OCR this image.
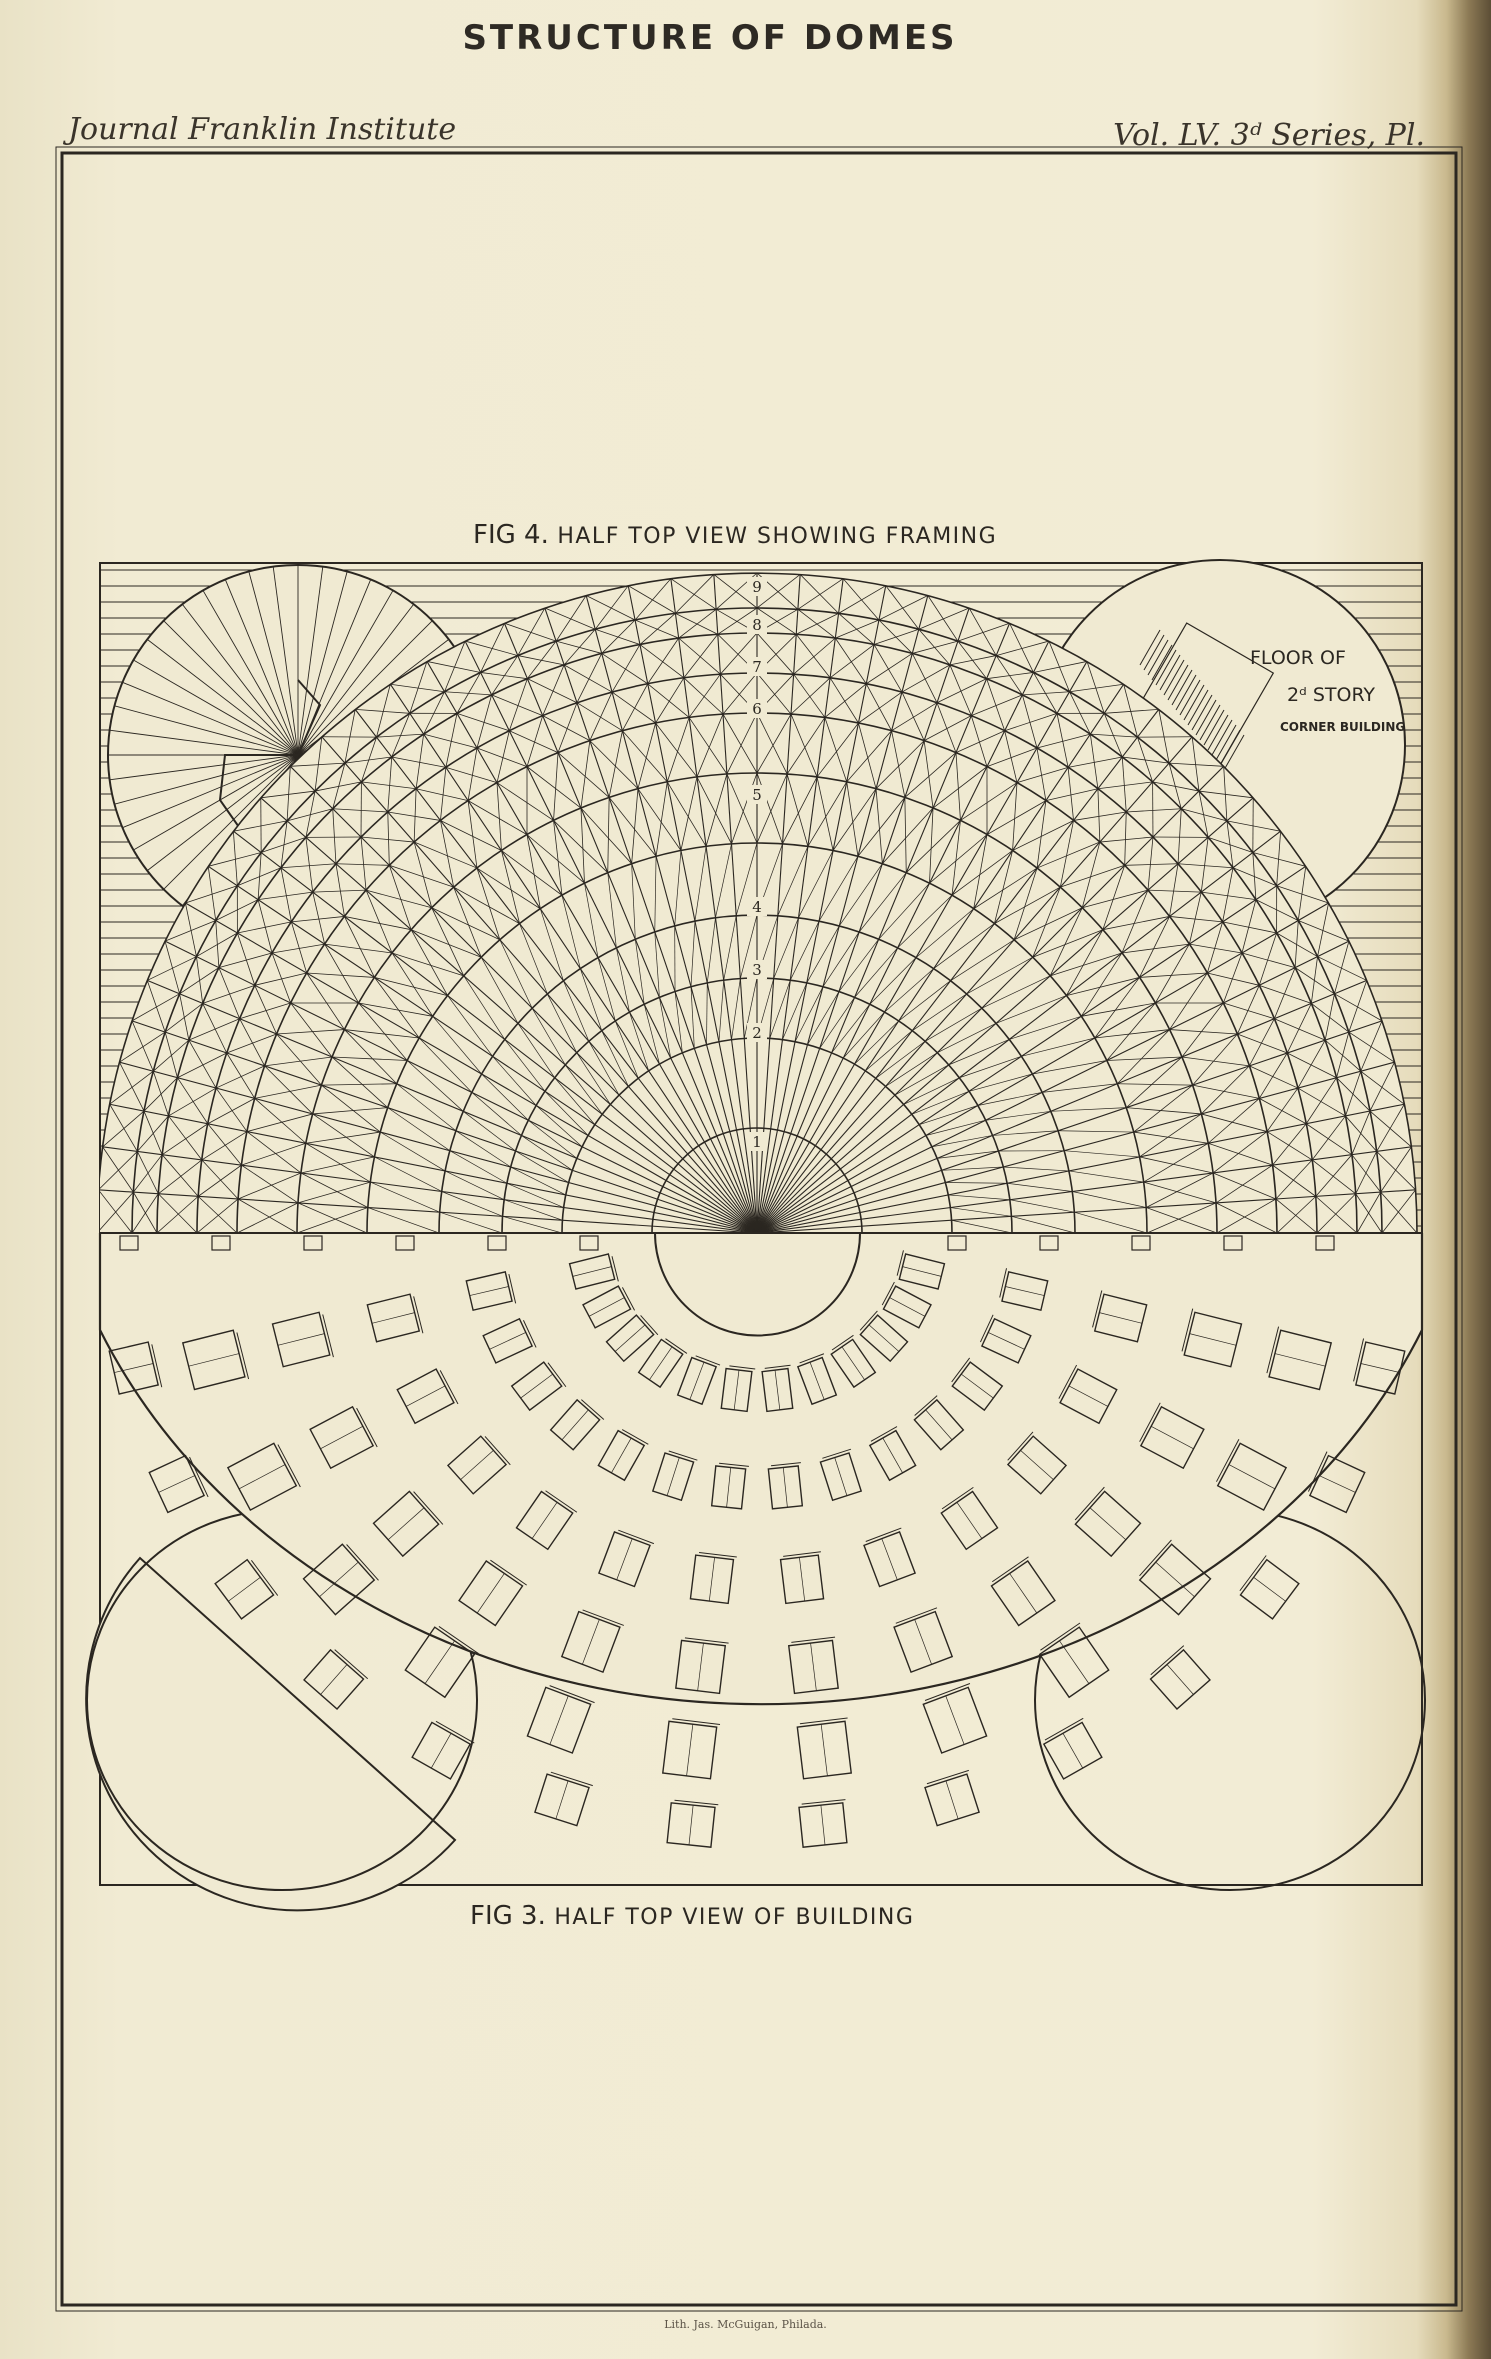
STRUCTURE OF DOMES
Journal Franklin Institute	Vol. LV. 3ᵈ Series, Pl.
FIG 4. HALF TOP VIEW SHOWING FRAMING
FIG 3. HALF TOP VIEW OF BUILDING
1
2
3
4
5
6
7
8
9
FLOOR OF
2ᵈ STORY
CORNER BUILDING
Lith. Jas. McGuigan, Philada.
